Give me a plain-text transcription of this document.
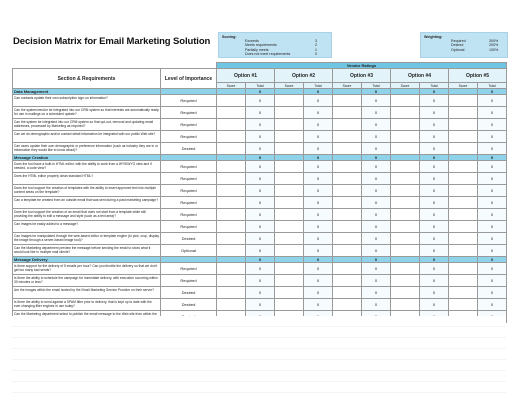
Decision Matrix for Email Marketing Solution	Scoring:
Exceeds	3
Meets requirements	2
Partially meets	1
Does not meet requirements	0
Weighting:
Required	300%
Desired	200%
Optional	100%
		Vendor Ratings									
Section & Requirements	Level of Importance	Option #1		Option #2		Option #3		Option #4		Option #5	
		Score	Total	Score	Total	Score	Total	Score	Total	Score	Total
Data Management			0		0		0		0		0
Can contacts update their own subscription sign-on information?	Required		0		0		0		0		0
Can the system/vendor be integrated into our CRM system so that interests are automatically ready for use in mailings on a scheduled update?	Required		0		0		0		0		0
Can the system be integrated into our CRM system so that opt-out, removal and updating email addresses, processed by Marketing as required?	Required		0		0		0		0		0
Can we do demographic and/or contact detail information be integrated with our public Web site?	Required		0		0		0		0		0
Can users update their own demographic or preference information (such as industry they are in or information they would like to know about)?	Desired		0		0		0		0		0
Message Creation			0		0		0		0		0
Does the tool have a built-in HTML editor, with the ability to work from a WYSIWYG view and if needed, a code view?	Required		0		0		0		0		0
Does the HTML editor properly clean standard HTML?	Required		0		0		0		0		0
Does the tool support the creation of templates with the ability to insert approved text into multiple content areas on the template?	Required		0		0		0		0		0
Can a template be created from an outside email that was sent during a past marketing campaign?	Required		0		0		0		0		0
Does the tool support the creation of an email that does not start from a template while still providing the ability to edit a message and style (such as a text area)?	Required		0		0		0		0		0
Can images be easily added to a message?	Required		0		0		0		0		0
Can images be manipulated through the web-based editor or template engine (to pick, crop, display the image through a server-based image tool)?	Desired		0		0		0		0		0
Can the Marketing department preview the message before sending the email to show what it would look like in multiple mail clients?	Optional		0		0		0		0		0
Message Delivery			0		0		0		0		0
Is there support for the delivery of 5 emails per hour? Can you throttle the delivery so that we don't get too many bad sends?	Required		0		0		0		0		0
Is there the ability to schedule the campaign for immediate delivery, with execution occurring within 30 minutes or less?	Required		0		0		0		0		0
Are the images within the email hosted by the Email Marketing Service Provider on their server?	Desired		0		0		0		0		0
Is there the ability to send against a SPAM filter prior to delivery, that is kept up to date with the ever changing filter engines in use today?	Desired		0		0		0		0		0
Can the Marketing department select to publish the email message to the Web site from within the											
